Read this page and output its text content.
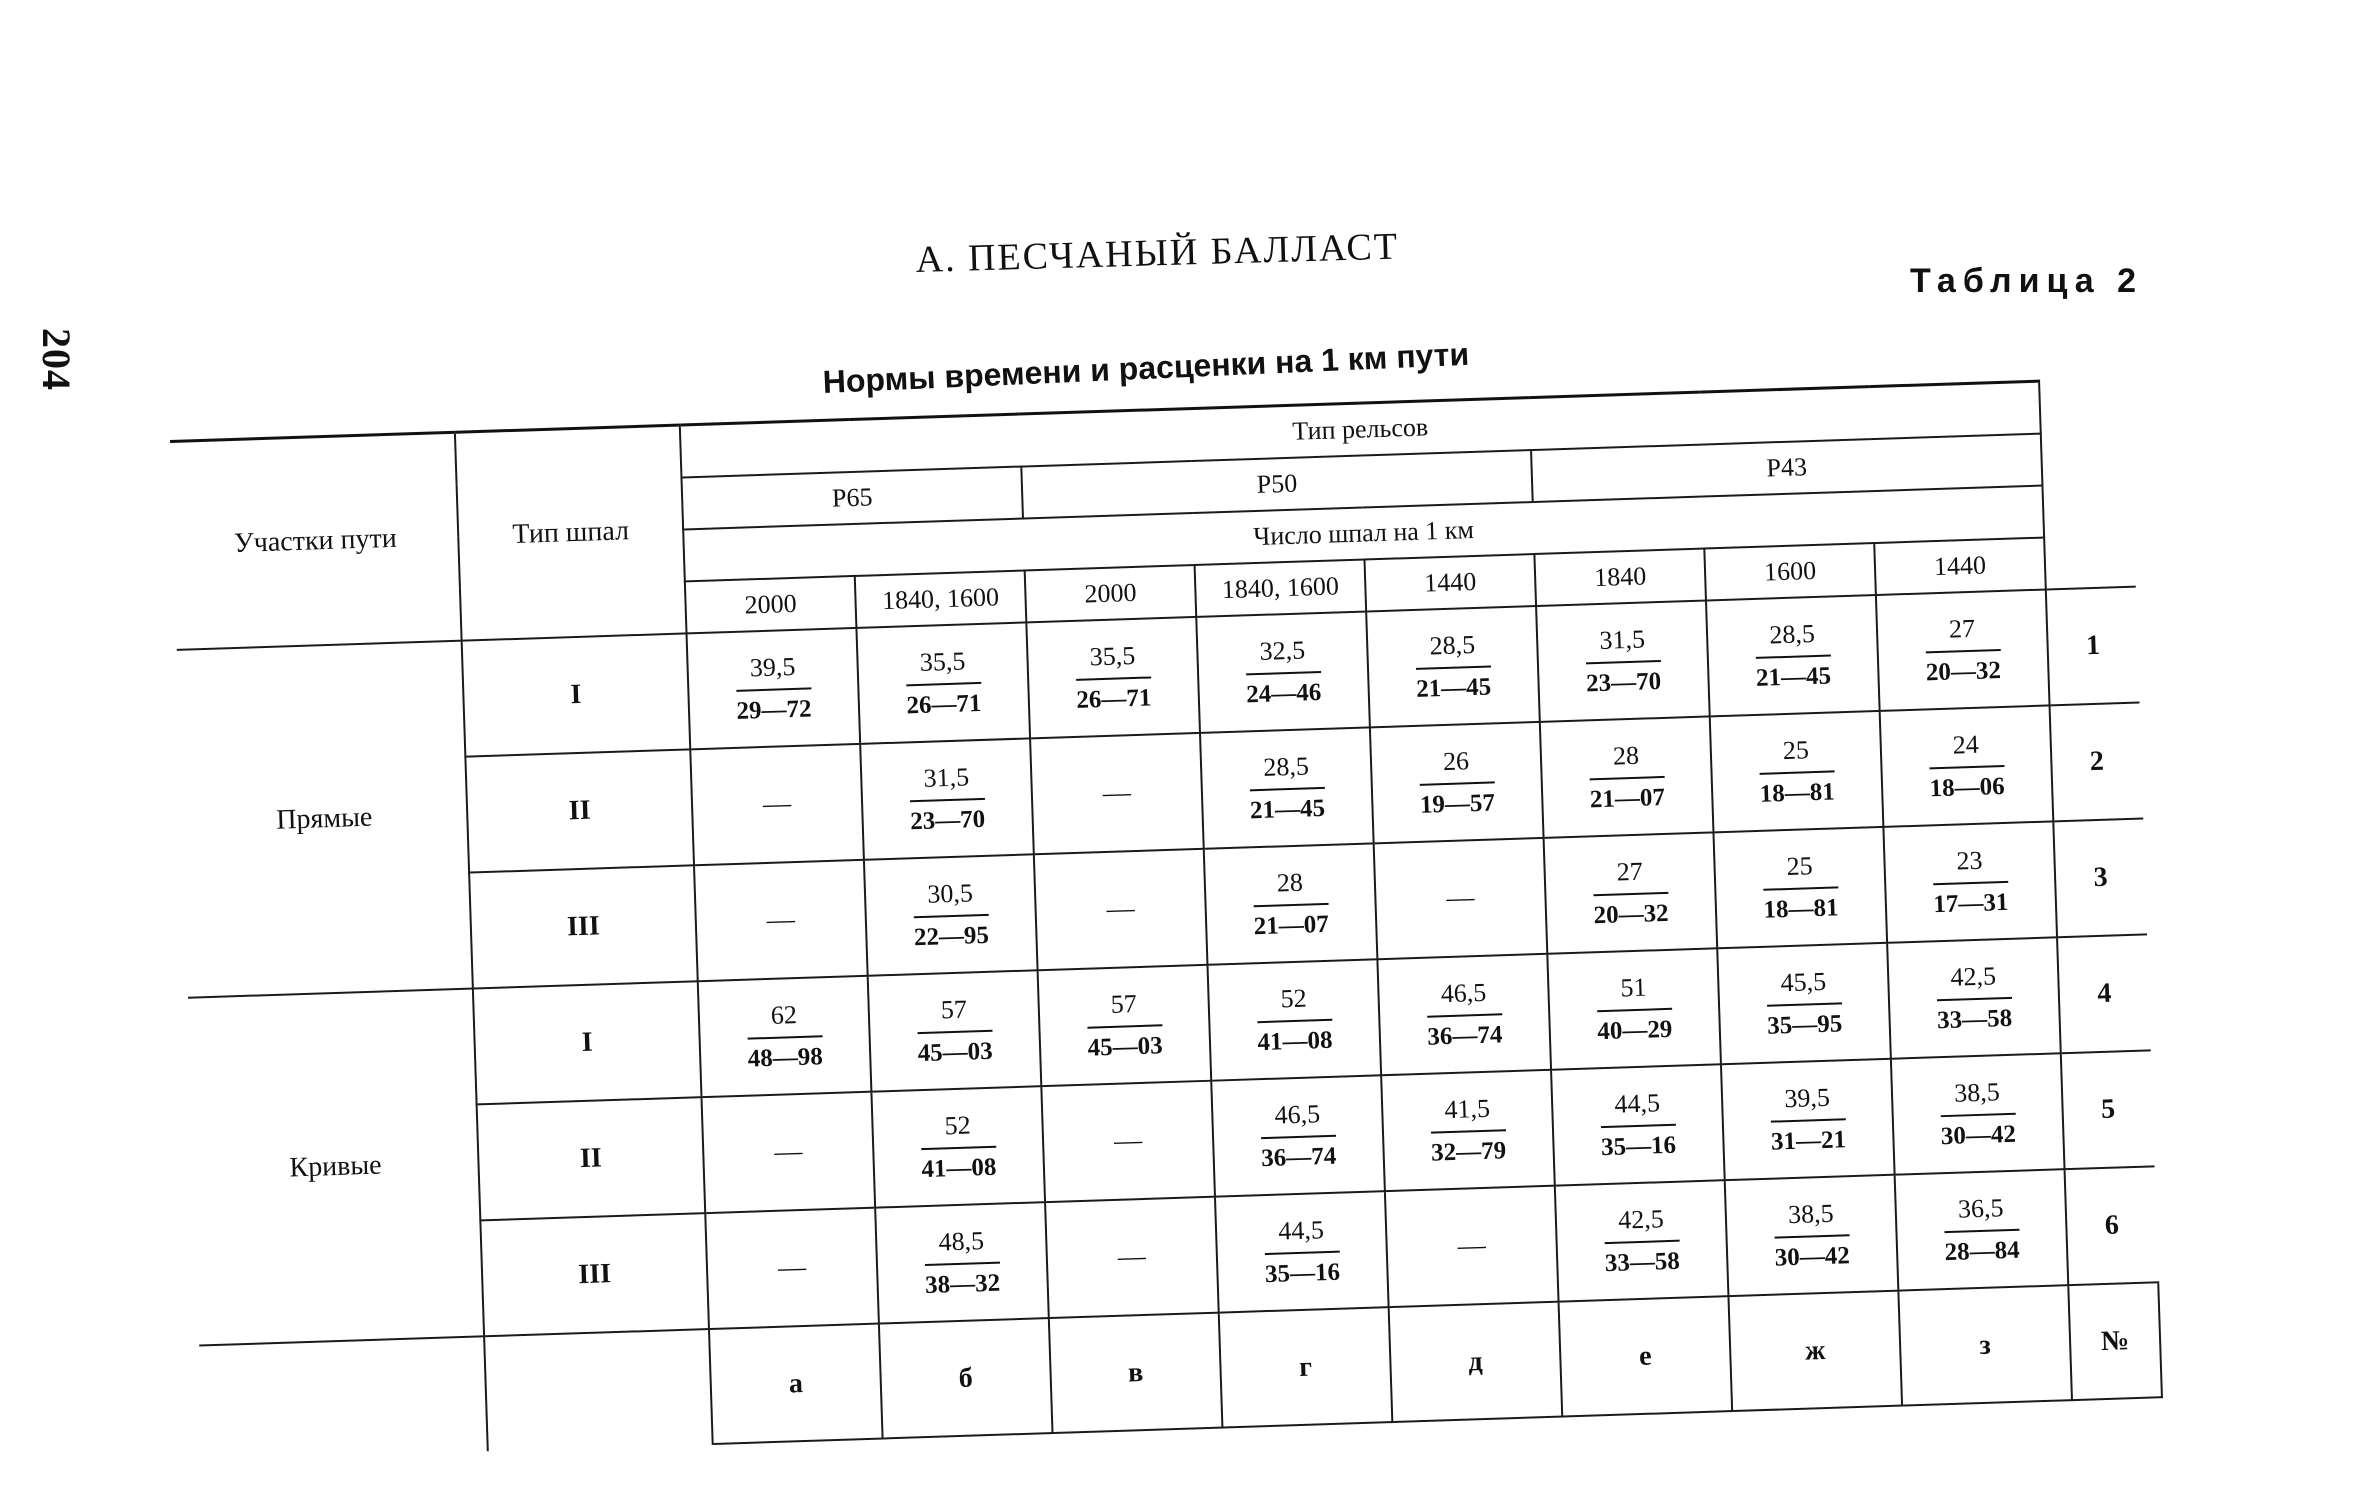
204
А. ПЕСЧАНЫЙ БАЛЛАСТ
Таблица 2
Нормы времени и расценки на 1 км пути
Участки пути	Тип шпал	Тип рельсов								
		Р65		Р50			Р43			
		Число шпал на 1 км								
		2000	1840, 1600	2000	1840, 1600	1440	1840	1600	1440	
Прямые	I	$\frac{39,5}{29—72}$	$\frac{35,5}{26—71}$	$\frac{35,5}{26—71}$	$\frac{32,5}{24—46}$	$\frac{28,5}{21—45}$	$\frac{31,5}{23—70}$	$\frac{28,5}{21—45}$	$\frac{27}{20—32}$	1
	II	—	$\frac{31,5}{23—70}$	—	$\frac{28,5}{21—45}$	$\frac{26}{19—57}$	$\frac{28}{21—07}$	$\frac{25}{18—81}$	$\frac{24}{18—06}$	2
	III	—	$\frac{30,5}{22—95}$	—	$\frac{28}{21—07}$	—	$\frac{27}{20—32}$	$\frac{25}{18—81}$	$\frac{23}{17—31}$	3
Кривые	I	$\frac{62}{48—98}$	$\frac{57}{45—03}$	$\frac{57}{45—03}$	$\frac{52}{41—08}$	$\frac{46,5}{36—74}$	$\frac{51}{40—29}$	$\frac{45,5}{35—95}$	$\frac{42,5}{33—58}$	4
	II	—	$\frac{52}{41—08}$	—	$\frac{46,5}{36—74}$	$\frac{41,5}{32—79}$	$\frac{44,5}{35—16}$	$\frac{39,5}{31—21}$	$\frac{38,5}{30—42}$	5
	III	—	$\frac{48,5}{38—32}$	—	$\frac{44,5}{35—16}$	—	$\frac{42,5}{33—58}$	$\frac{38,5}{30—42}$	$\frac{36,5}{28—84}$	6
		а	б	в	г	д	е	ж	з	№
